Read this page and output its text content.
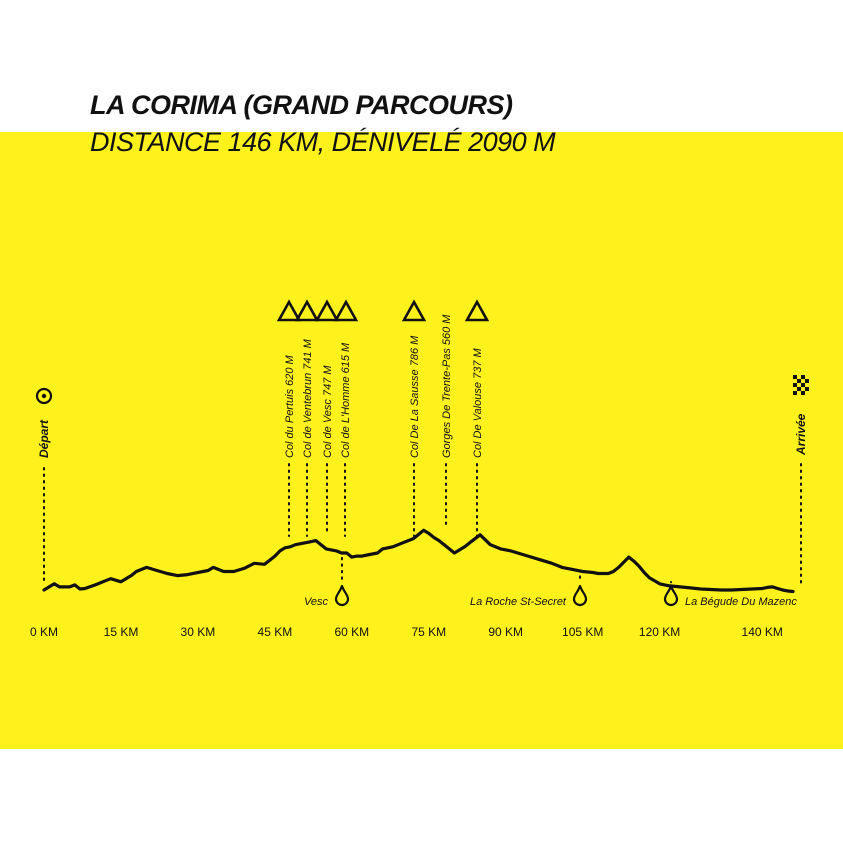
LA CORIMA (GRAND PARCOURS)
DISTANCE 146 KM, DÉNIVELÉ 2090 M
0 KM	15 KM	30 KM	45 KM	60 KM	75 KM	90 KM	105 KM	120 KM	140 KM
Départ	Arrivée
Col du Pertuis 620 M Col de Ventebrun 741 M Col de Vesc 747 M Col de L'Homme 615 M	Col De La Sausse 786 M Gorges De Trente-Pas 560 M Col De Valouse 737 M
Vesc	La Roche St-Secret	La Bégude Du Mazenc
